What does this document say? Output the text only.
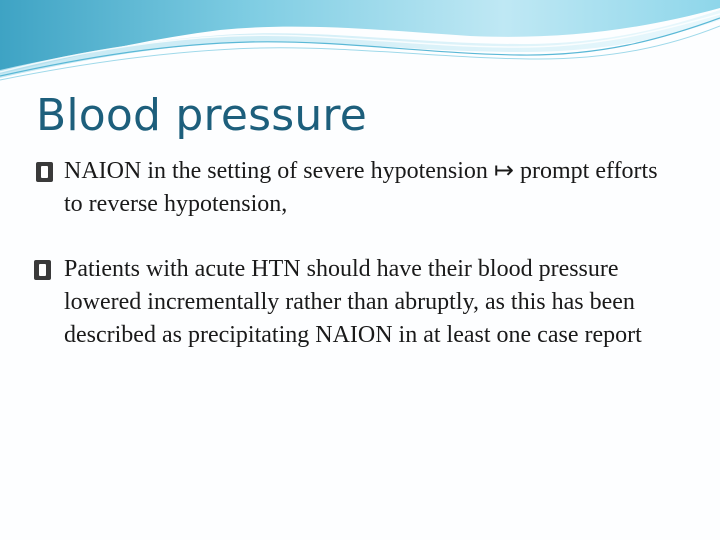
Blood pressure

NAION in the setting of severe hypotension ↦ prompt efforts to reverse hypotension,

Patients with acute HTN should have their blood pressure lowered incrementally rather than abruptly, as this has been described as precipitating NAION in at least one case report
